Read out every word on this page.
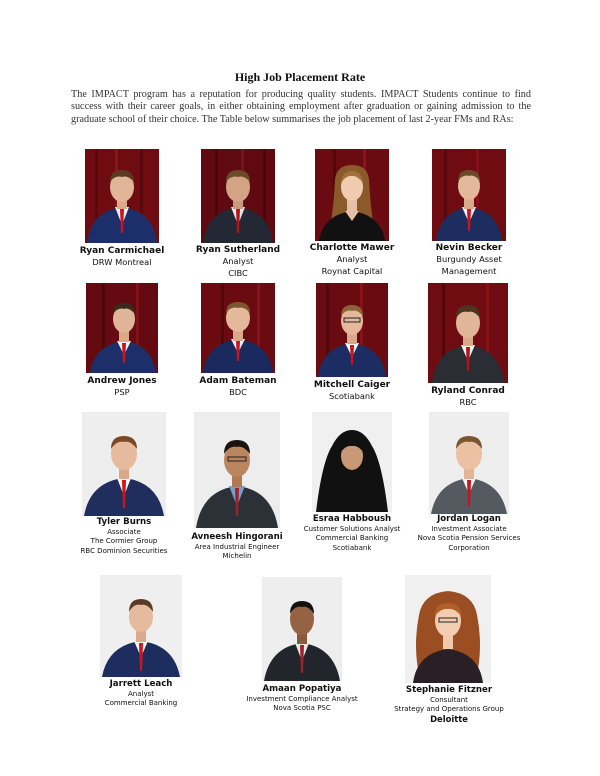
High Job Placement Rate
The IMPACT program has a reputation for producing quality students. IMPACT Students continue to find success with their career goals, in either obtaining employment after graduation or gaining admission to the graduate school of their choice. The Table below summarises the job placement of last 2-year FMs and RAs:
Ryan Carmichael
DRW Montreal
Ryan Sutherland
Analyst
CIBC
Charlotte Mawer
Analyst
Roynat Capital
Nevin Becker
Burgundy Asset
Management
Andrew Jones
PSP
Adam Bateman
BDC
Mitchell Caiger
Scotiabank	Ryland Conrad
RBC
Tyler Burns
Associate
The Cormier Group
RBC Dominion Securities
Avneesh Hingorani
Area Industrial Engineer
Michelin
Esraa Habboush
Customer Solutions Analyst
Commercial Banking
Scotiabank
Jordan Logan
Investment Associate
Nova Scotia Pension Services
Corporation
Jarrett Leach
Analyst
Commercial Banking
Amaan Popatiya
Investment Compliance Analyst
Nova Scotia PSC
Stephanie Fitzner
Consultant
Strategy and Operations Group
Deloitte
